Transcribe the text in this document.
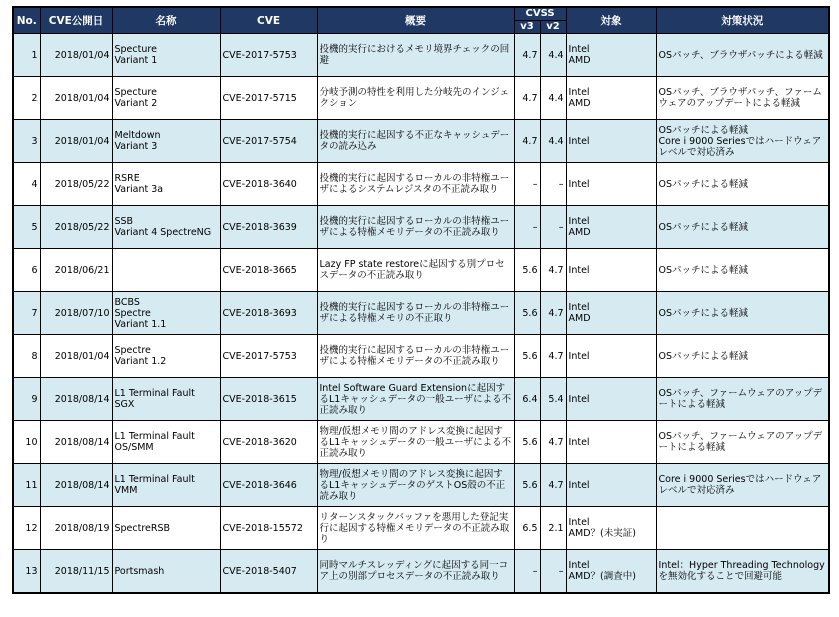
No.	CVE公開日	名称	CVE	概要	CVSS		対象	対策状況
					v3	v2		
1	2018/01/04	Specture
Variant 1	CVE-2017-5753	投機的実行におけるメモリ境界チェックの回避	4.7	4.4	Intel
AMD	OSパッチ、ブラウザパッチによる軽減
2	2018/01/04	Specture
Variant 2	CVE-2017-5715	分岐予測の特性を利用した分岐先のインジェクション	4.7	4.4	Intel
AMD	OSパッチ、ブラウザパッチ、ファームウェアのアップデートによる軽減
3	2018/01/04	Meltdown
Variant 3	CVE-2017-5754	投機的実行に起因する不正なキャッシュデータの読み込み	4.7	4.4	Intel	OSパッチによる軽減
Core i 9000 Seriesではハードウェアレベルで対応済み
4	2018/05/22	RSRE
Variant 3a	CVE-2018-3640	投機的実行に起因するローカルの非特権ユーザによるシステムレジスタの不正読み取り	–	–	Intel	OSパッチによる軽減
5	2018/05/22	SSB
Variant 4 SpectreNG	CVE-2018-3639	投機的実行に起因するローカルの非特権ユーザによる特権メモリデータの不正読み取り	–	–	Intel
AMD	OSパッチによる軽減
6	2018/06/21		CVE-2018-3665	Lazy FP state restoreに起因する別プロセスデータの不正読み取り	5.6	4.7	Intel	OSパッチによる軽減
7	2018/07/10	BCBS
Spectre
Variant 1.1	CVE-2018-3693	投機的実行に起因するローカルの非特権ユーザによる特権メモリの不正取り	5.6	4.7	Intel
AMD	OSパッチによる軽減
8	2018/01/04	Spectre
Variant 1.2	CVE-2017-5753	投機的実行に起因するローカルの非特権ユーザによる特権メモリデータの不正読み取り	5.6	4.7	Intel	OSパッチによる軽減
9	2018/08/14	L1 Terminal Fault SGX	CVE-2018-3615	Intel Software Guard Extensionに起因するL1キャッシュデータの一般ユーザによる不正読み取り	6.4	5.4	Intel	OSパッチ、ファームウェアのアップデートによる軽減
10	2018/08/14	L1 Terminal Fault
OS/SMM	CVE-2018-3620	物理/仮想メモリ間のアドレス変換に起因するL1キャッシュデータの一般ユーザによる不正読み取り	5.6	4.7	Intel	OSパッチ、ファームウェアのアップデートによる軽減
11	2018/08/14	L1 Terminal Fault VMM	CVE-2018-3646	物理/仮想メモリ間のアドレス変換に起因するL1キャッシュデータのゲストOS殻の不正読み取り	5.6	4.7	Intel	Core i 9000 Seriesではハードウェアレベルで対応済み
12	2018/08/19	SpectreRSB	CVE-2018-15572	リターンスタックバッファを悪用した登記実行に起因する特権メモリデータの不正読み取り	6.5	2.1	Intel
AMD？(未実証)	
13	2018/11/15	Portsmash	CVE-2018-5407	同時マルチスレッディングに起因する同一コア上の別部プロセスデータの不正読み取り	–	–	Intel
AMD？(調査中)	Intel：Hyper Threading Technologyを無効化することで回避可能
